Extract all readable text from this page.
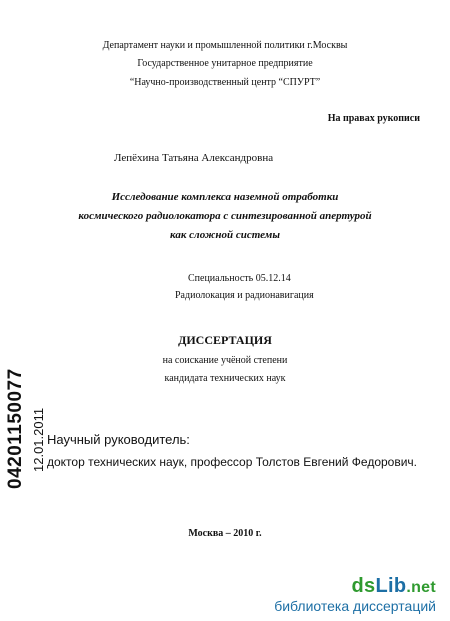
Департамент науки и промышленной политики г.Москвы
Государственное унитарное предприятие
“Научно-производственный центр “СПУРТ”
На правах рукописи
Лепёхина Татьяна Александровна
Исследование комплекса наземной отработки
космического радиолокатора с синтезированной апертурой
как сложной системы
Специальность 05.12.14
Радиолокация и радионавигация
ДИССЕРТАЦИЯ
на соискание учёной степени
кандидата технических наук
Научный руководитель:
доктор технических наук, профессор Толстов Евгений Федорович.
Москва – 2010 г.
04201150077 12.01.2011
dsLib.net
библиотека диссертаций
